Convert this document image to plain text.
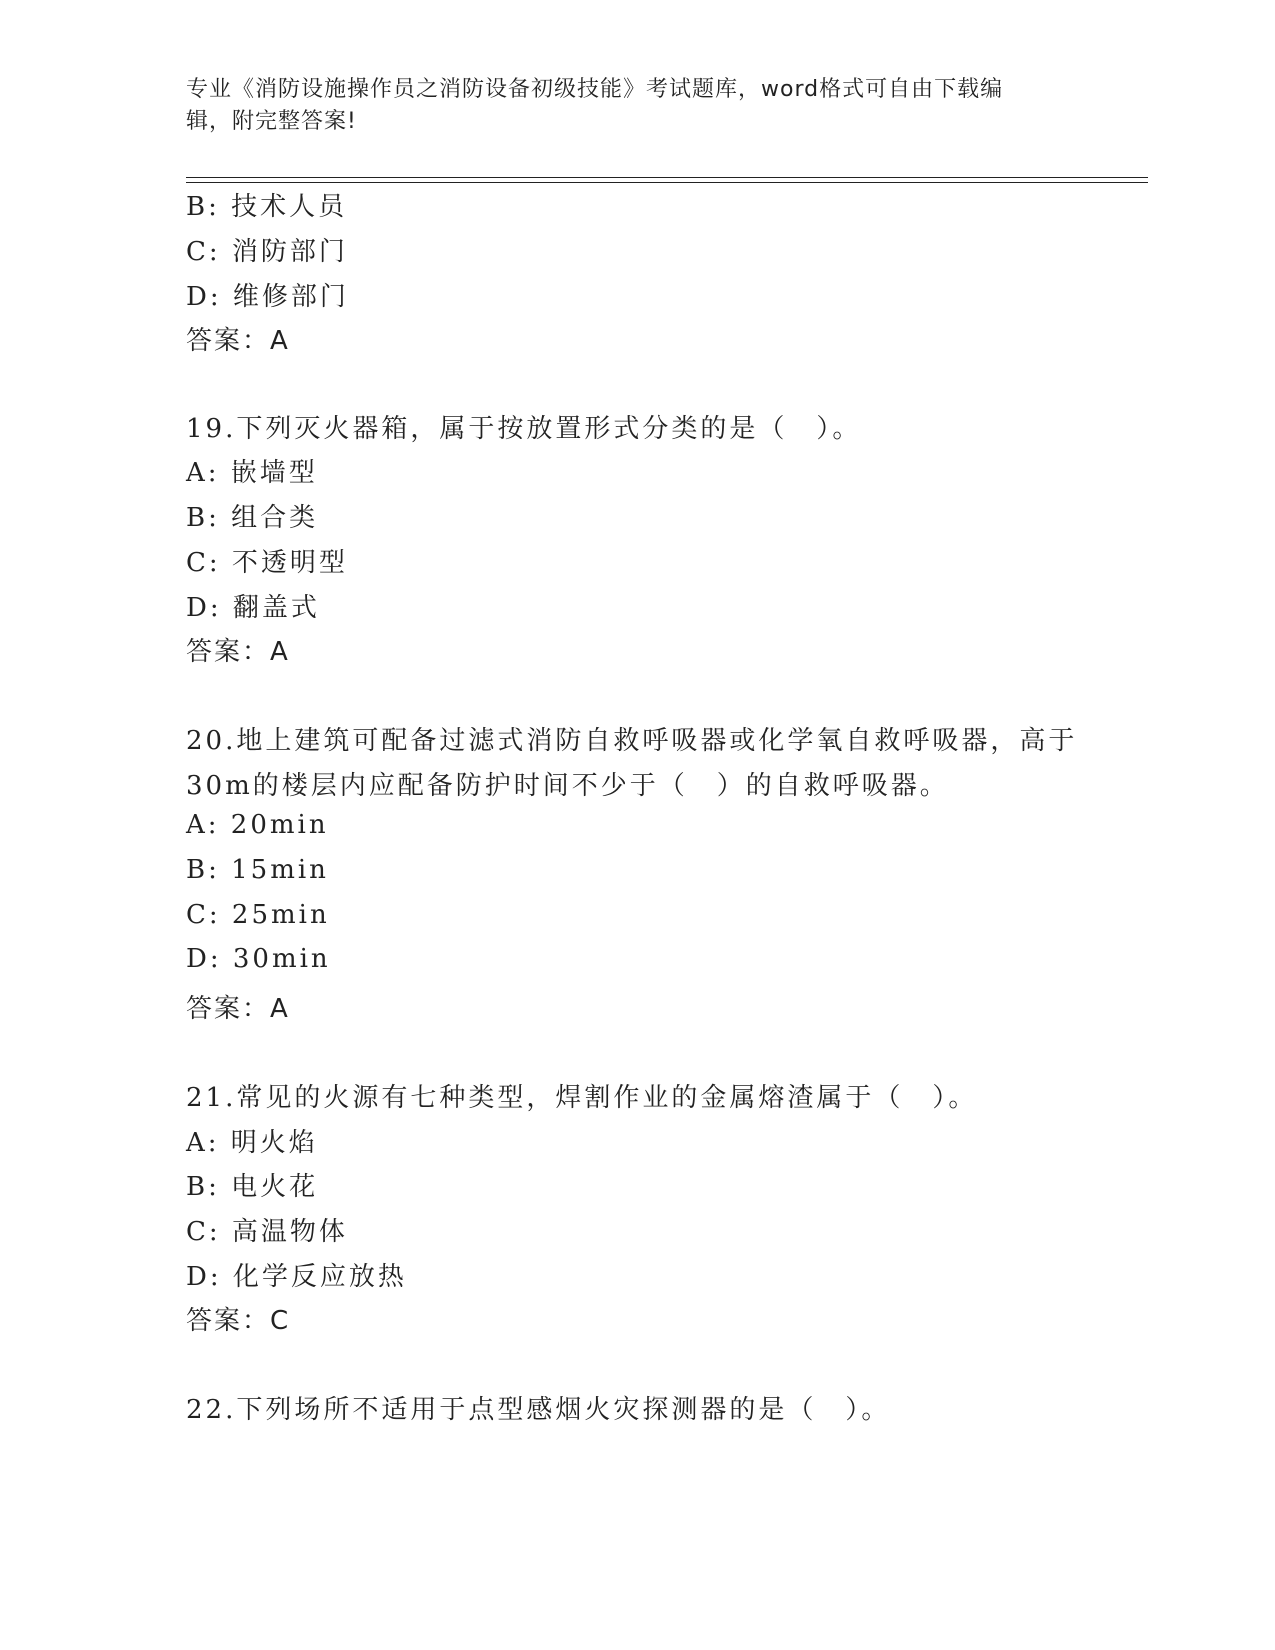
专业《消防设施操作员之消防设备初级技能》考试题库，word格式可自由下载编
辑，附完整答案!
B: 技术人员
C: 消防部门
D: 维修部门
答案：A
19.下列灭火器箱，属于按放置形式分类的是（　）。
A: 嵌墙型
B: 组合类
C: 不透明型
D: 翻盖式
答案：A
20.地上建筑可配备过滤式消防自救呼吸器或化学氧自救呼吸器，高于
30m的楼层内应配备防护时间不少于（　）的自救呼吸器。
A: 20min
B: 15min
C: 25min
D: 30min
答案：A
21.常见的火源有七种类型，焊割作业的金属熔渣属于（　）。
A: 明火焰
B: 电火花
C: 高温物体
D: 化学反应放热
答案：C
22.下列场所不适用于点型感烟火灾探测器的是（　）。
